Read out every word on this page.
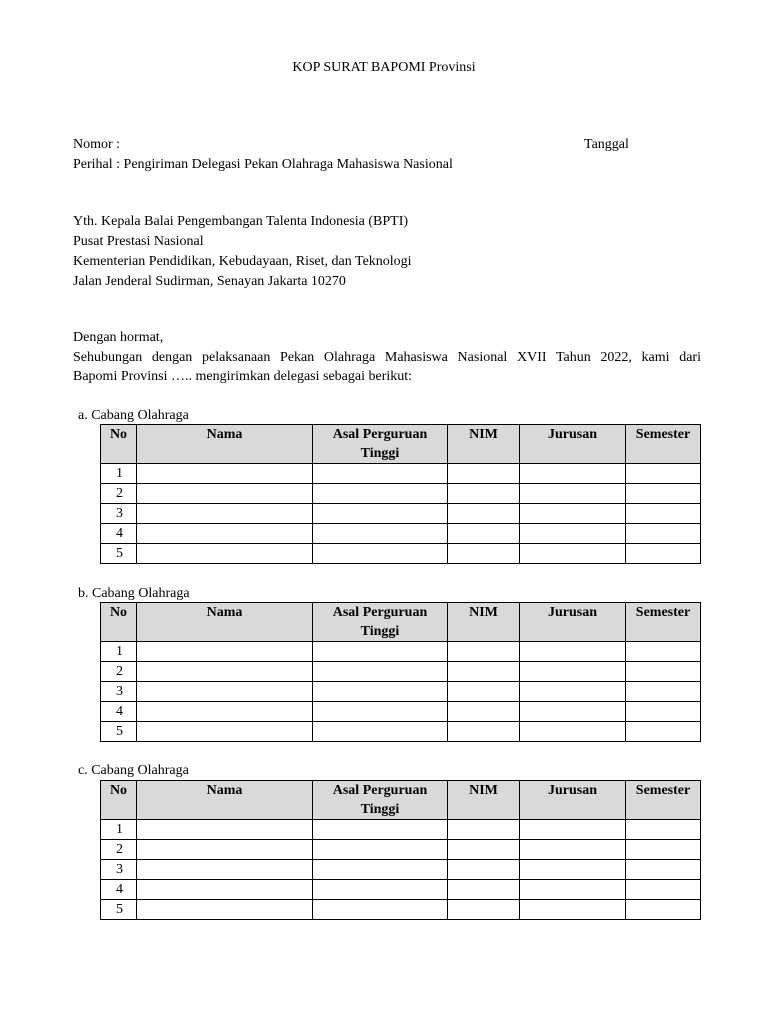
KOP SURAT BAPOMI Provinsi
Nomor :	Tanggal
Perihal : Pengiriman Delegasi Pekan Olahraga Mahasiswa Nasional
Yth. Kepala Balai Pengembangan Talenta Indonesia (BPTI)
Pusat Prestasi Nasional
Kementerian Pendidikan, Kebudayaan, Riset, dan Teknologi
Jalan Jenderal Sudirman, Senayan Jakarta 10270
Dengan hormat,
Sehubungan dengan pelaksanaan Pekan Olahraga Mahasiswa Nasional XVII Tahun 2022, kami dari
Bapomi Provinsi ….. mengirimkan delegasi sebagai berikut:
a. Cabang Olahraga
No	Nama	Asal Perguruan Tinggi	NIM	Jurusan	Semester
1					
2					
3					
4					
5					
b. Cabang Olahraga
No	Nama	Asal Perguruan Tinggi	NIM	Jurusan	Semester
1					
2					
3					
4					
5					
c. Cabang Olahraga
No	Nama	Asal Perguruan Tinggi	NIM	Jurusan	Semester
1					
2					
3					
4					
5					
